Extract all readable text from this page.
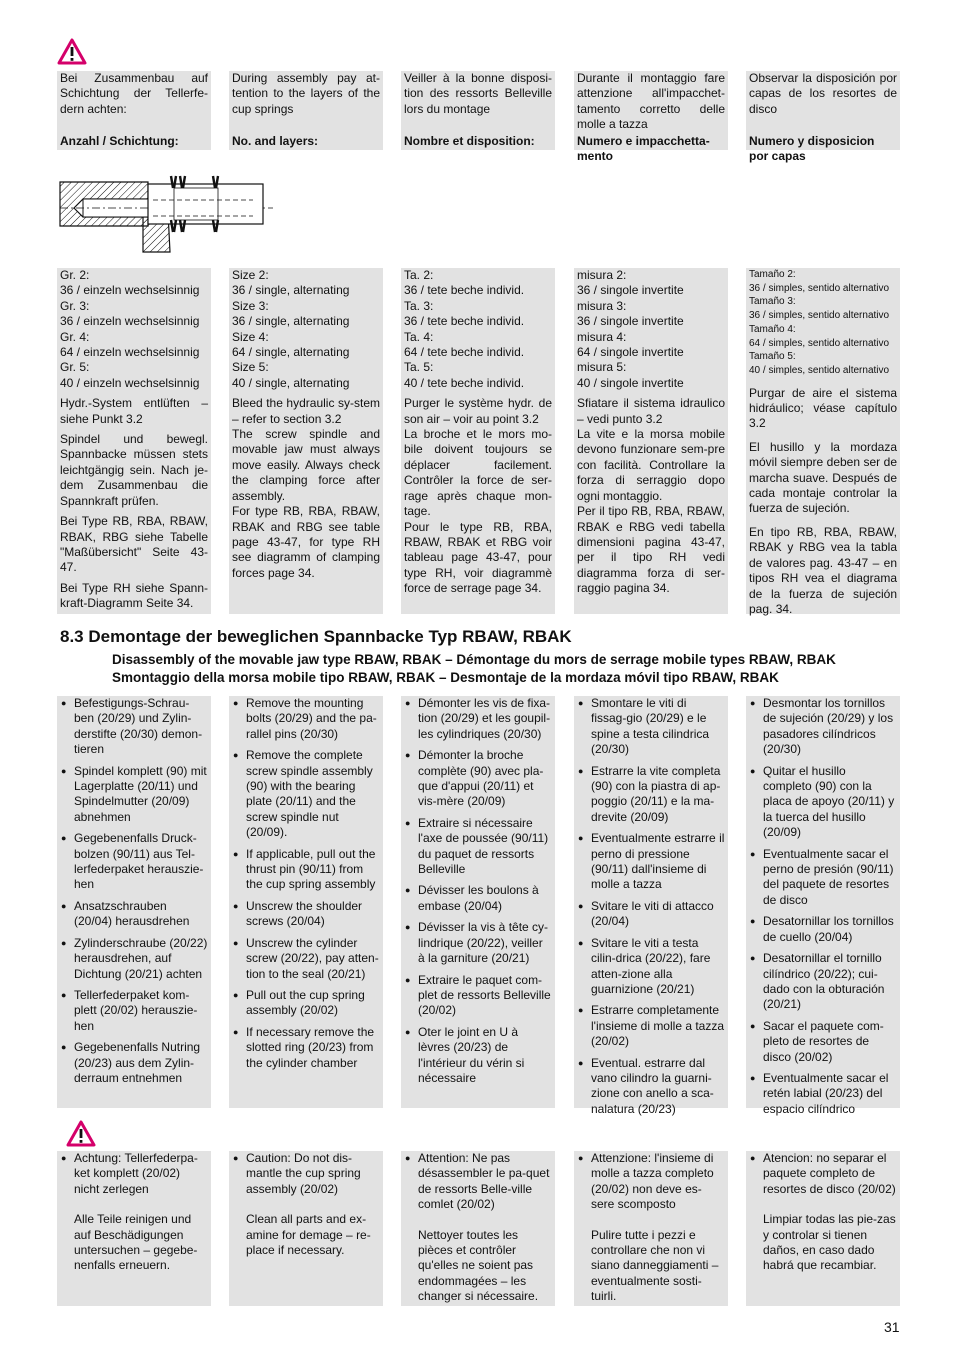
Bei Zusammenbau auf Schichtung der Tellerfe-dern achten:
Anzahl / Schichtung:
During assembly pay at-tention to the layers of the cup springs
No. and layers:
Veiller à la bonne disposi-tion des ressorts Belleville lors du montage
Nombre et disposition:
Durante il montaggio fare attenzione all'impacchet-tamento corretto delle molle a tazza
Numero e impacchetta-mento
Observar la disposición por capas de los resortes de disco
Numero y disposicion por capas

Gr. 2:

36 / einzeln wechselsinnig

Gr. 3:

36 / einzeln wechselsinnig

Gr. 4:

64 / einzeln wechselsinnig

Gr. 5:

40 / einzeln wechselsinnig

Hydr.-System entlüften – siehe Punkt 3.2

Spindel und bewegl. Spannbacke müssen stets leichtgängig sein. Nach je-dem Zusammenbau die Spannkraft prüfen.

Bei Type RB, RBA, RBAW, RBAK, RBG siehe Tabelle "Maßübersicht" Seite 43-47.

Bei Type RH siehe Spann-kraft-Diagramm Seite 34.

Size 2:

36 / single, alternating

Size 3:

36 / single, alternating

Size 4:

64 / single, alternating

Size 5:

40 / single, alternating

Bleed the hydraulic sy-stem – refer to section 3.2

The screw spindle and movable jaw must always move easily. Always check the clamping force after assembly.

For type RB, RBA, RBAW, RBAK and RBG see table page 43-47, for type RH see diagramm of clamping forces page 34.

Ta. 2:

36 / tete beche individ.

Ta. 3:

36 / tete beche individ.

Ta. 4:

64 / tete beche individ.

Ta. 5:

40 / tete beche individ.

Purger le système hydr. de son air – voir au point 3.2

La broche et le mors mo-bile doivent toujours se déplacer facilement. Contrôler la force de ser-rage après chaque mon-tage.

Pour le type RB, RBA, RBAW, RBAK et RBG voir tableau page 43-47, pour type RH, voir diagrammè force de serrage page 34.

misura 2:

36 / singole invertite

misura 3:

36 / singole invertite

misura 4:

64 / singole invertite

misura 5:

40 / singole invertite

Sfiatare il sistema idraulico – vedi punto 3.2

La vite e la morsa mobile devono funzionare sem-pre con facilità. Controllare la forza di serraggio dopo ogni montaggio.

Per il tipo RB, RBA, RBAW, RBAK e RBG vedi tabella dimensioni pagina 43-47, per il tipo RH vedi diagramma forza di ser-raggio pagina 34.

Tamaño 2:

36 / simples, sentido alternativo

Tamaño 3:

36 / simples, sentido alternativo

Tamaño 4:

64 / simples, sentido alternativo

Tamaño 5:

40 / simples, sentido alternativo

Purgar de aire el sistema hidráulico; véase capítulo 3.2

El husillo y la mordaza móvil siempre deben ser de marcha suave. Después de cada montaje controlar la fuerza de sujeción.

En tipo RB, RBA, RBAW, RBAK y RBG vea la tabla de valores pag. 43-47 – en tipos RH vea el diagrama de la fuerza de sujeción pag. 34.

8.3 Demontage der beweglichen Spannbacke Typ RBAW, RBAK
Disassembly of the movable jaw type RBAW, RBAK – Démontage du mors de serrage mobile types RBAW, RBAK
Smontaggio della morsa mobile tipo RBAW, RBAK – Desmontaje de la mordaza móvil tipo RBAW, RBAK
● Befestigungs-Schrau-ben (20/29) und Zylin-derstifte (20/30) demon-tieren
● Spindel komplett (90) mit Lagerplatte (20/11) und Spindelmutter (20/09) abnehmen
● Gegebenenfalls Druck-bolzen (90/11) aus Tel-lerfederpaket herauszie-hen
● Ansatzschrauben (20/04) herausdrehen
● Zylinderschraube (20/22) herausdrehen, auf Dichtung (20/21) achten
● Tellerfederpaket kom-plett (20/02) herauszie-hen
● Gegebenenfalls Nutring (20/23) aus dem Zylin-derraum entnehmen
● Remove the mounting bolts (20/29) and the pa-rallel pins (20/30)
● Remove the complete screw spindle assembly (90) with the bearing plate (20/11) and the screw spindle nut (20/09).
● If applicable, pull out the thrust pin (90/11) from the cup spring assembly
● Unscrew the shoulder screws (20/04)
● Unscrew the cylinder screw (20/22), pay atten-tion to the seal (20/21)
● Pull out the cup spring assembly (20/02)
● If necessary remove the slotted ring (20/23) from the cylinder chamber
● Démonter les vis de fixa-tion (20/29) et les goupil-les cylindriques (20/30)
● Démonter la broche complète (90) avec pla-que d'appui (20/11) et vis-mère (20/09)
● Extraire si nécessaire l'axe de poussée (90/11) du paquet de ressorts Belleville
● Dévisser les boulons à embase (20/04)
● Dévisser la vis à tête cy-lindrique (20/22), veiller à la garniture (20/21)
● Extraire le paquet com-plet de ressorts Belleville (20/02)
● Oter le joint en U à lèvres (20/23) de l'intérieur du vérin si nécessaire
● Smontare le viti di fissag-gio (20/29) e le spine a testa cilindrica (20/30)
● Estrarre la vite completa (90) con la piastra di ap-poggio (20/11) e la ma-drevite (20/09)
● Eventualmente estrarre il perno di pressione (90/11) dall'insieme di molle a tazza
● Svitare le viti di attacco (20/04)
● Svitare le viti a testa cilin-drica (20/22), fare atten-zione alla guarnizione (20/21)
● Estrarre completamente l'insieme di molle a tazza (20/02)
● Eventual. estrarre dal vano cilindro la guarni-zione con anello a sca-nalatura (20/23)
● Desmontar los tornillos de sujeción (20/29) y los pasadores cilíndricos (20/30)
● Quitar el husillo completo (90) con la placa de apoyo (20/11) y la tuerca del husillo (20/09)
● Eventualmente sacar el perno de presión (90/11) del paquete de resortes de disco
● Desatornillar los tornillos de cuello (20/04)
● Desatornillar el tornillo cilíndrico (20/22); cui-dado con la obturación (20/21)
● Sacar el paquete com-pleto de resortes de disco (20/02)
● Eventualmente sacar el retén labial (20/23) del espacio cilíndrico
● Achtung: Tellerfederpa-ket komplett (20/02) nicht zerlegen
Alle Teile reinigen und auf Beschädigungen untersuchen – gegebe-nenfalls erneuern.
● Caution: Do not dis-mantle the cup spring assembly (20/02)
Clean all parts and ex-amine for demage – re-place if necessary.
● Attention: Ne pas désassembler le pa-quet de ressorts Belle-ville comlet (20/02)
Nettoyer toutes les pièces et contrôler qu'elles ne soient pas endommagées – les changer si nécessaire.
● Attenzione: l'insieme di molle a tazza completo (20/02) non deve es-sere scomposto
Pulire tutte i pezzi e controllare che non vi siano danneggiamenti – eventualmente sosti-tuirli.
● Atencion: no separar el paquete completo de resortes de disco (20/02)
Limpiar todas las pie-zas y controlar si tienen daños, en caso dado habrá que recambiar.
31
